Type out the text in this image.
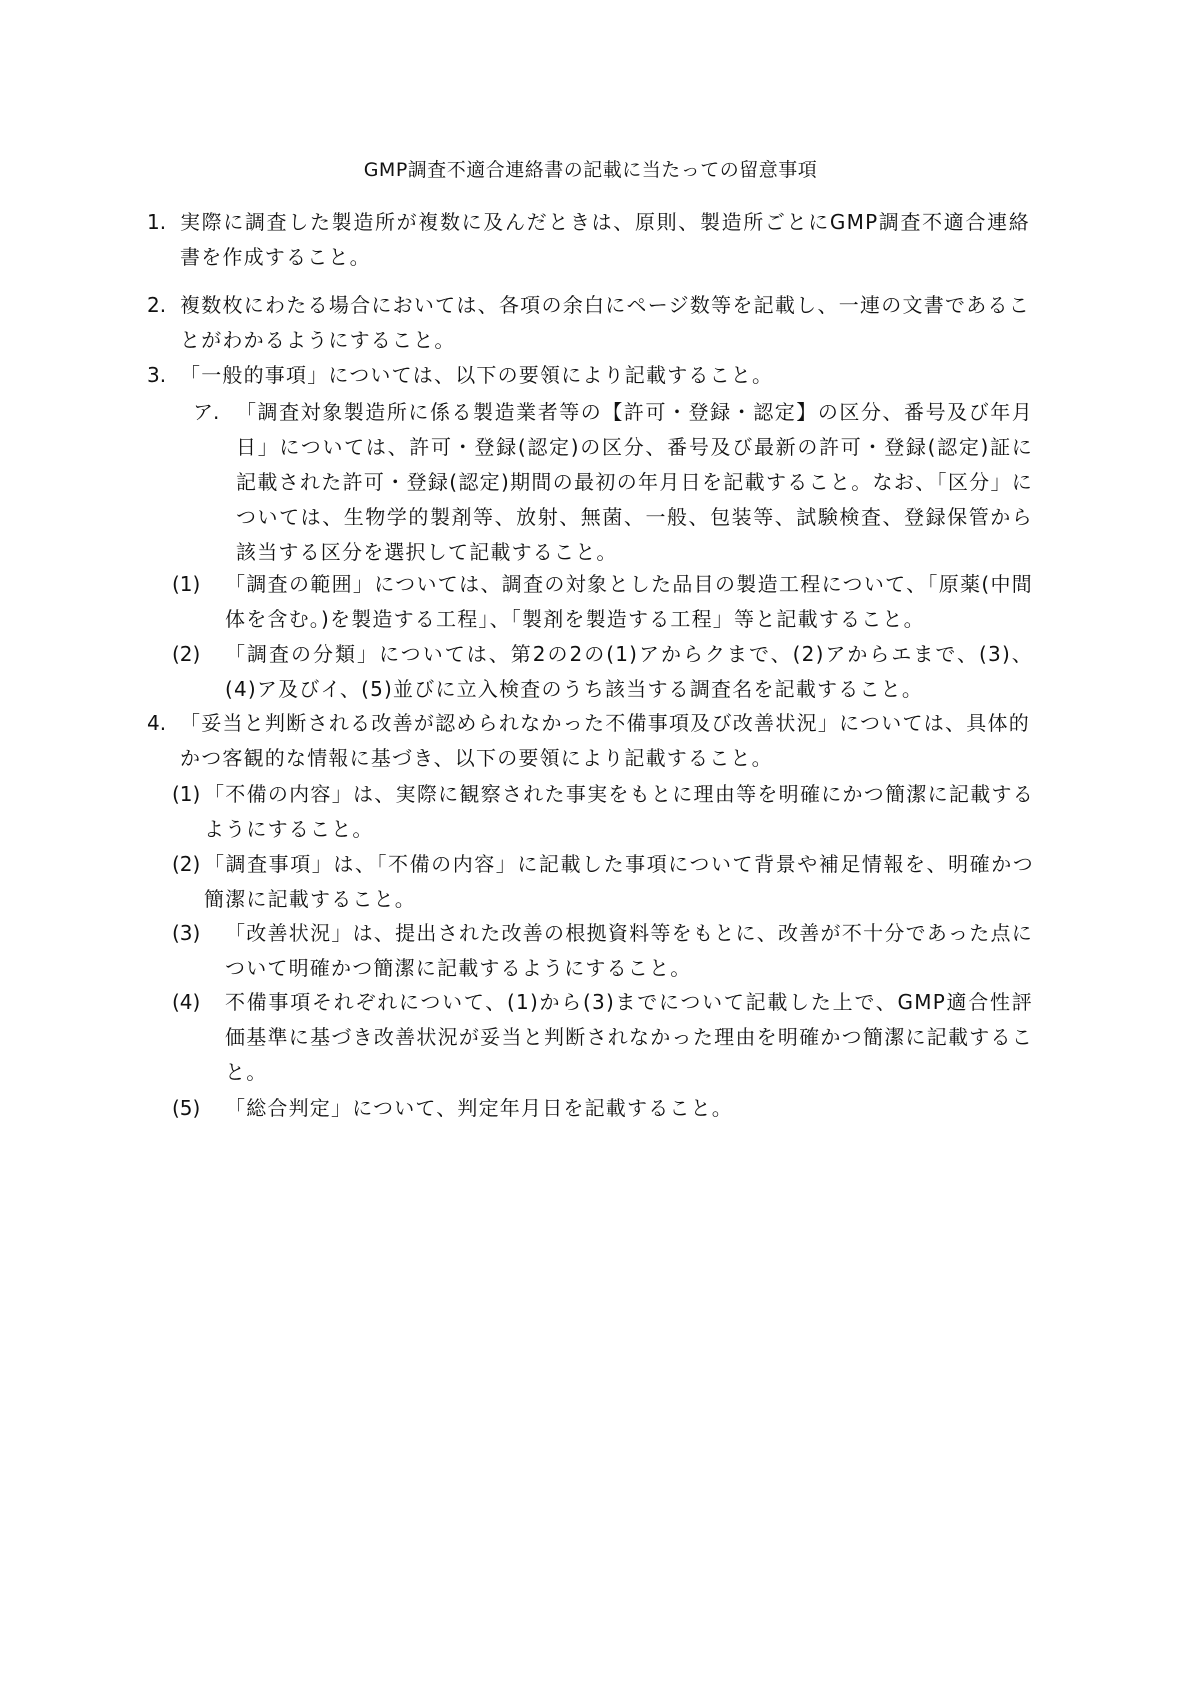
GMP調査不適合連絡書の記載に当たっての留意事項
1. 実際に調査した製造所が複数に及んだときは、原則、製造所ごとにGMP調査不適合連絡書を作成すること。
2. 複数枚にわたる場合においては、各項の余白にページ数等を記載し、一連の文書であることがわかるようにすること。
3. 「一般的事項」については、以下の要領により記載すること。
ア. 「調査対象製造所に係る製造業者等の【許可・登録・認定】の区分、番号及び年月日」については、許可・登録(認定)の区分、番号及び最新の許可・登録(認定)証に記載された許可・登録(認定)期間の最初の年月日を記載すること。なお、「区分」については、生物学的製剤等、放射、無菌、一般、包装等、試験検査、登録保管から該当する区分を選択して記載すること。
(1) 「調査の範囲」については、調査の対象とした品目の製造工程について、「原薬(中間体を含む。)を製造する工程」、「製剤を製造する工程」等と記載すること。
(2) 「調査の分類」については、第2の2の(1)アからクまで、(2)アからエまで、(3)、(4)ア及びイ、(5)並びに立入検査のうち該当する調査名を記載すること。
4. 「妥当と判断される改善が認められなかった不備事項及び改善状況」については、具体的かつ客観的な情報に基づき、以下の要領により記載すること。
(1) 「不備の内容」は、実際に観察された事実をもとに理由等を明確にかつ簡潔に記載するようにすること。
(2) 「調査事項」は、「不備の内容」に記載した事項について背景や補足情報を、明確かつ簡潔に記載すること。
(3) 「改善状況」は、提出された改善の根拠資料等をもとに、改善が不十分であった点について明確かつ簡潔に記載するようにすること。
(4) 不備事項それぞれについて、(1)から(3)までについて記載した上で、GMP適合性評価基準に基づき改善状況が妥当と判断されなかった理由を明確かつ簡潔に記載すること。
(5) 「総合判定」について、判定年月日を記載すること。
